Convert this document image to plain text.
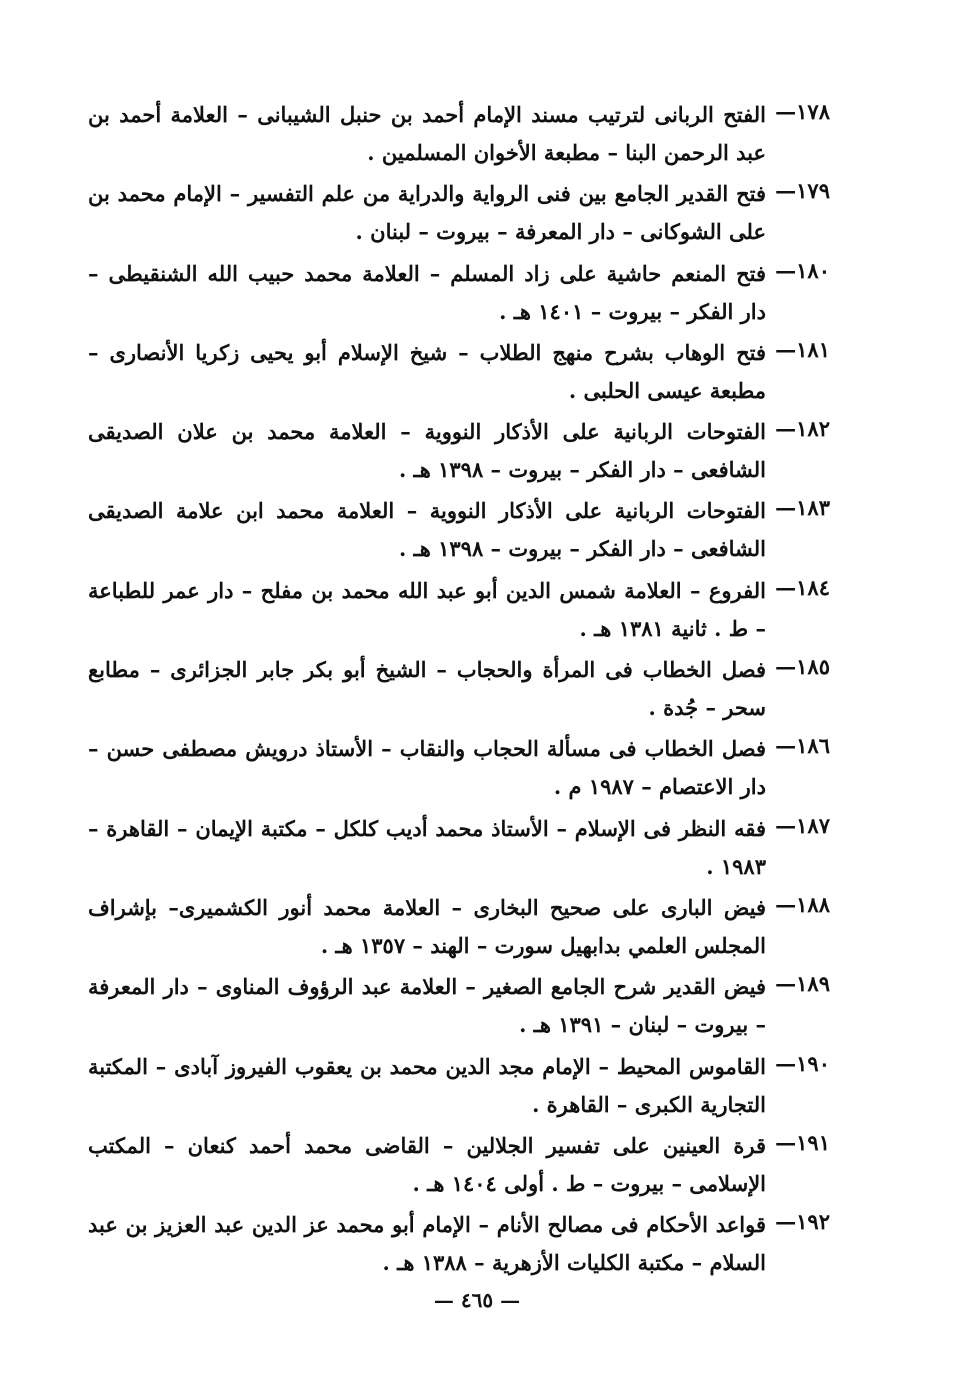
١٧٨—
الفتح الربانى لترتيب مسند الإمام أحمد بن حنبل الشيبانى – العلامة أحمد بن عبد الرحمن البنا – مطبعة الأخوان المسلمين .
١٧٩—
فتح القدير الجامع بين فنى الرواية والدراية من علم التفسير – الإمام محمد بن على الشوكانى – دار المعرفة – بيروت – لبنان .
١٨٠—
فتح المنعم حاشية على زاد المسلم – العلامة محمد حبيب الله الشنقيطى – دار الفكر – بيروت – ١٤٠١ هـ .
١٨١—
فتح الوهاب بشرح منهج الطلاب – شيخ الإسلام أبو يحيى زكريا الأنصارى – مطبعة عيسى الحلبى .
١٨٢—
الفتوحات الربانية على الأذكار النووية – العلامة محمد بن علان الصديقى الشافعى – دار الفكر – بيروت – ١٣٩٨ هـ .
١٨٣—
الفتوحات الربانية على الأذكار النووية – العلامة محمد ابن علامة الصديقى الشافعى – دار الفكر – بيروت – ١٣٩٨ هـ .
١٨٤—
الفروع – العلامة شمس الدين أبو عبد الله محمد بن مفلح – دار عمر للطباعة – ط . ثانية ١٣٨١ هـ .
١٨٥—
فصل الخطاب فى المرأة والحجاب – الشيخ أبو بكر جابر الجزائرى – مطابع سحر – جُدة .
١٨٦—
فصل الخطاب فى مسألة الحجاب والنقاب – الأستاذ درويش مصطفى حسن – دار الاعتصام – ١٩٨٧ م .
١٨٧—
فقه النظر فى الإسلام – الأستاذ محمد أديب كلكل – مكتبة الإيمان – القاهرة – ١٩٨٣ .
١٨٨—
فيض البارى على صحيح البخارى – العلامة محمد أنور الكشميرى– بإشراف المجلس العلمي بدابهيل سورت – الهند – ١٣٥٧ هـ .
١٨٩—
فيض القدير شرح الجامع الصغير – العلامة عبد الرؤوف المناوى – دار المعرفة – بيروت – لبنان – ١٣٩١ هـ .
١٩٠—
القاموس المحيط – الإمام مجد الدين محمد بن يعقوب الفيروز آبادى – المكتبة التجارية الكبرى – القاهرة .
١٩١—
قرة العينين على تفسير الجلالين – القاضى محمد أحمد كنعان – المكتب الإسلامى – بيروت – ط . أولى ١٤٠٤ هـ .
١٩٢—
قواعد الأحكام فى مصالح الأنام – الإمام أبو محمد عز الدين عبد العزيز بن عبد السلام – مكتبة الكليات الأزهرية – ١٣٨٨ هـ .
— ٤٦٥ —
